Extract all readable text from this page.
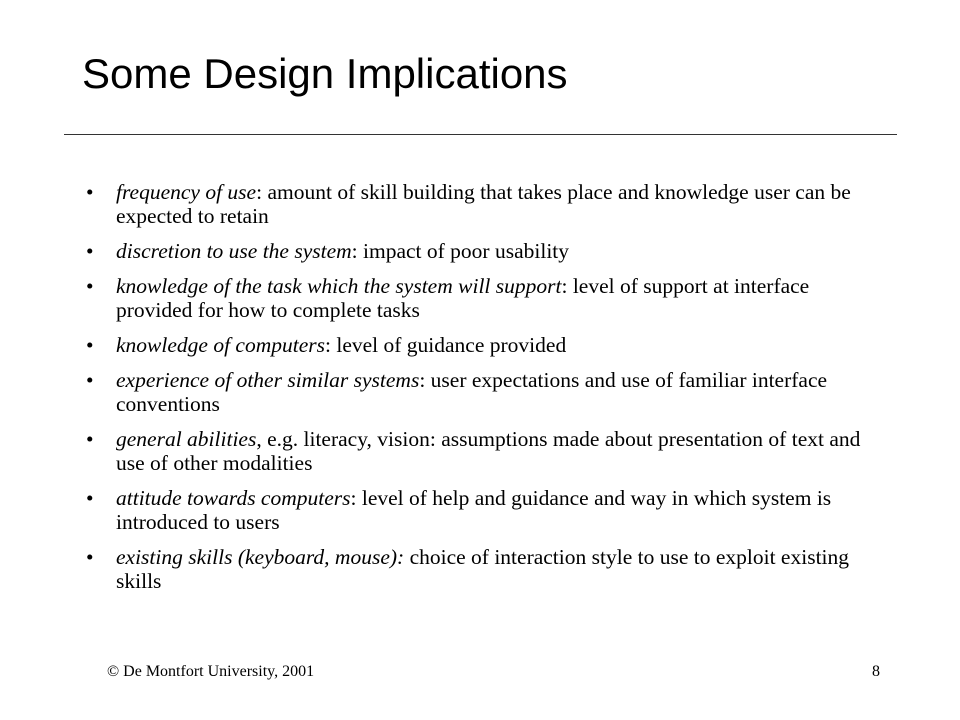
Some Design Implications
• frequency of use: amount of skill building that takes place and knowledge user can be expected to retain
• discretion to use the system: impact of poor usability
• knowledge of the task which the system will support: level of support at interface provided for how to complete tasks
• knowledge of computers: level of guidance provided
• experience of other similar systems: user expectations and use of familiar interface conventions
• general abilities, e.g. literacy, vision: assumptions made about presentation of text and use of other modalities
• attitude towards computers: level of help and guidance and way in which system is introduced to users
• existing skills (keyboard, mouse): choice of interaction style to use to exploit existing skills
© De Montfort University, 2001	8
